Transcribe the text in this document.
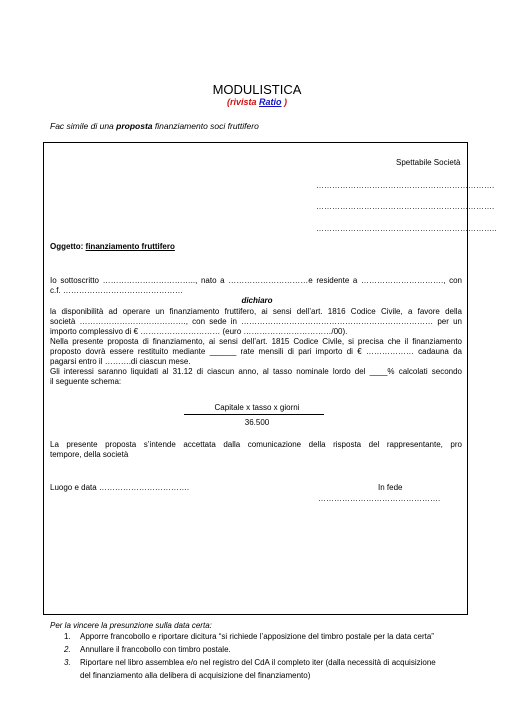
MODULISTICA
(rivista Ratio )
Fac simile di una proposta finanziamento soci fruttifero
Spettabile Società
………………………………………………………….
………………………………………………………….
…………………………………………………………..
Oggetto: finanziamento fruttifero
Io sottoscritto …………………………….., nato a …………………………e residente a …………………………., con
c.f. ………………………………………
dichiaro
la disponibilità ad operare un finanziamento fruttifero, ai sensi dell’art. 1816 Codice Civile, a favore della
società …………………………………., con sede in ……………………………………………………………… per un
importo complessivo di € ………………………… (euro ……………………………/00).
Nella presente proposta di finanziamento, ai sensi dell’art. 1815 Codice Civile, si precisa che il finanziamento
proposto dovrà essere restituito mediante ______ rate mensili di pari importo di € ……………… cadauna da
pagarsi entro il ……….di ciascun mese.
Gli interessi saranno liquidati al 31.12 di ciascun anno, al tasso nominale lordo del ____% calcolati secondo
il seguente schema:
Capitale x tasso x giorni
36.500
La presente proposta s’intende accettata dalla comunicazione della risposta del rappresentante, pro
tempore, della società
Luogo e data …………………………….	In fede
……………………………………….
Per la vincere la presunzione sulla data certa:
1. Apporre francobollo e riportare dicitura “si richiede l’apposizione del timbro postale per la data certa”
2. Annullare il francobollo con timbro postale.
3. Riportare nel libro assemblea e/o nel registro del CdA il completo iter (dalla necessità di acquisizione
del finanziamento alla delibera di acquisizione del finanziamento)
